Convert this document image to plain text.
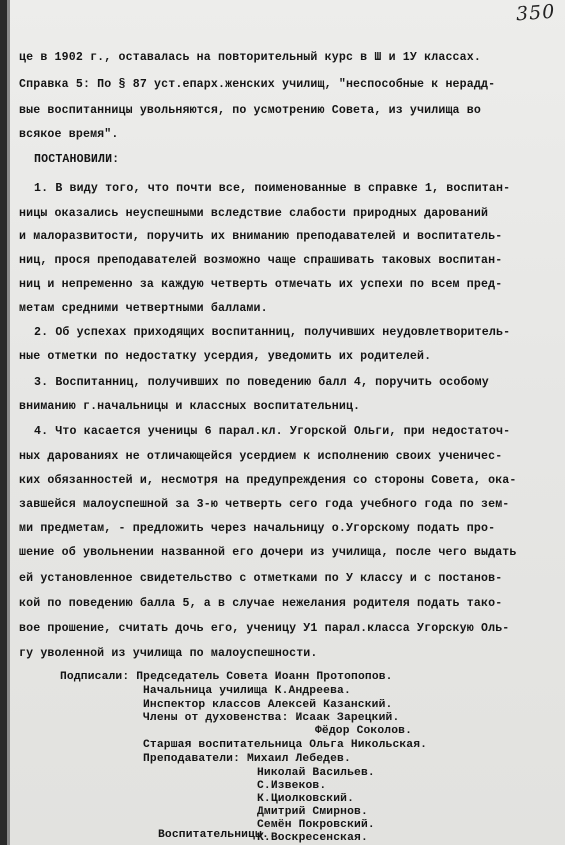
350
це в 1902 г., оставалась на повторительный курс в Ш и 1У классах.
Справка 5: По § 87 уст.епарх.женских училищ, "неспособные к нерадд-
вые воспитанницы увольняются, по усмотрению Совета, из училища во
всякое время".
ПОСТАНОВИЛИ:
1. В виду того, что почти все, поименованные в справке 1, воспитан-
ницы оказались неуспешными вследствие слабости природных дарований
и малоразвитости, поручить их вниманию преподавателей и воспитатель-
ниц, прося преподавателей возможно чаще спрашивать таковых воспитан-
ниц и непременно за каждую четверть отмечать их успехи по всем пред-
метам средними четвертными баллами.
2. Об успехах приходящих воспитанниц, получивших неудовлетворитель-
ные отметки по недостатку усердия, уведомить их родителей.
3. Воспитанниц, получивших по поведению балл 4, поручить особому
вниманию г.начальницы и классных воспитательниц.
4. Что касается ученицы 6 парал.кл. Угорской Ольги, при недостаточ-
ных дарованиях не отличающейся усердием к исполнению своих ученичес-
ких обязанностей и, несмотря на предупреждения со стороны Совета, ока-
завшейся малоуспешной за 3-ю четверть сего года учебного года по зем-
ми предметам, - предложить через начальницу о.Угорскому подать про-
шение об увольнении названной его дочери из училища, после чего выдать
ей установленное свидетельство с отметками по У классу и с постанов-
кой по поведению балла 5, а в случае нежелания родителя подать тако-
вое прошение, считать дочь его, ученицу У1 парал.класса Угорскую Оль-
гу уволенной из училища по малоуспешности.
Подписали: Председатель Совета Иоанн Протопопов.
Начальница училища К.Андреева.
Инспектор классов Алексей Казанский.
Члены от духовенства: Исаак Зарецкий.
Фёдор Соколов.
Старшая воспитательница Ольга Никольская.
Преподаватели: Михаил Лебедев.
Николай Васильев.
С.Извеков.
К.Циолковский.
Дмитрий Смирнов.
Семён Покровский.
К.Воскресенская.
Воспитательницы...
